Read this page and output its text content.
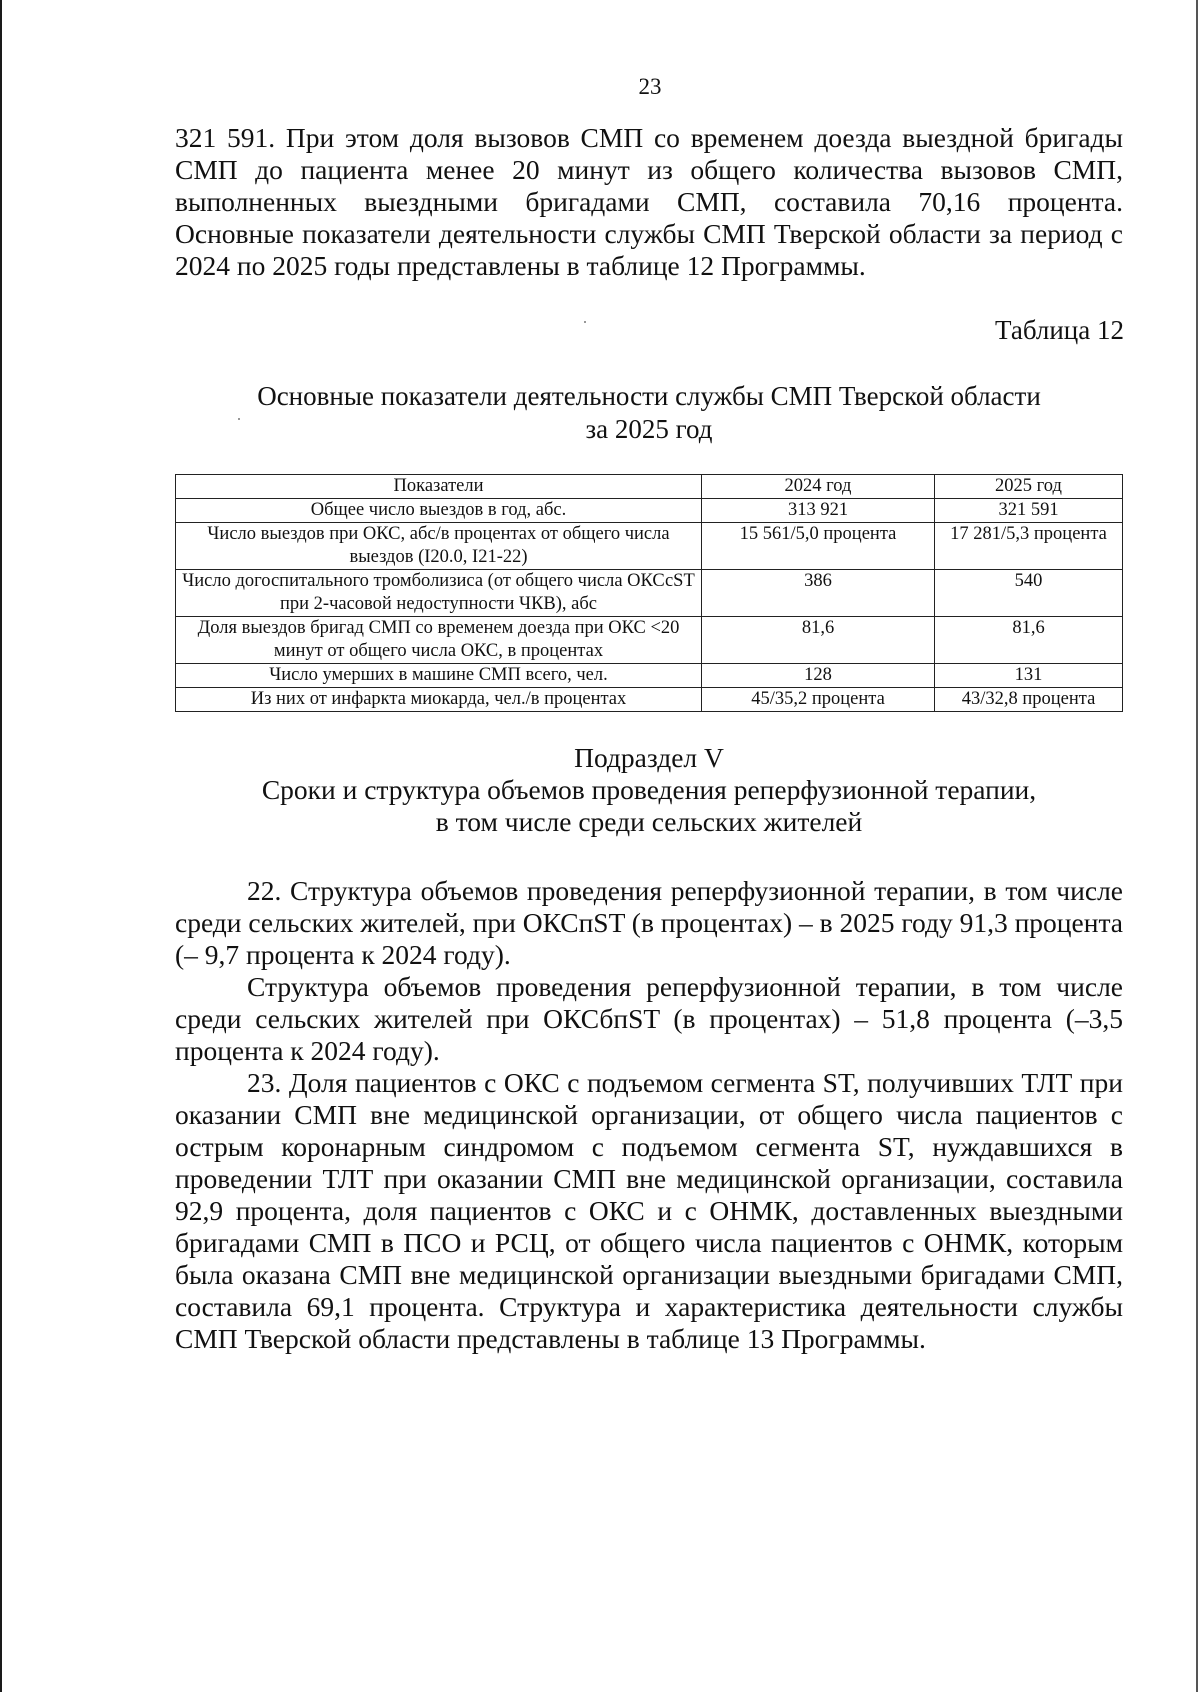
23

321 591. При этом доля вызовов СМП со временем доезда выездной бригады СМП до пациента менее 20 минут из общего количества вызовов СМП, выполненных выездными бригадами СМП, составила 70,16 процента. Основные показатели деятельности службы СМП Тверской области за период с 2024 по 2025 годы представлены в таблице 12 Программы.

Таблица 12
Основные показатели деятельности службы СМП Тверской области
за 2025 год
Показатели	2024 год	2025 год
Общее число выездов в год, абс.	313 921	321 591
Число выездов при ОКС, абс/в процентах от общего числа выездов (I20.0, I21-22)	15 561/5,0 процента	17 281/5,3 процента
Число догоспитального тромболизиса (от общего числа ОКСсST при 2-часовой недоступности ЧКВ), абс	386	540
Доля выездов бригад СМП со временем доезда при ОКС <20 минут от общего числа ОКС, в процентах	81,6	81,6
Число умерших в машине СМП всего, чел.	128	131
Из них от инфаркта миокарда, чел./в процентах	45/35,2 процента	43/32,8 процента
Подраздел V
Сроки и структура объемов проведения реперфузионной терапии,
в том числе среди сельских жителей

22. Структура объемов проведения реперфузионной терапии, в том числе среди сельских жителей, при ОКСпST (в процентах) – в 2025 году 91,3 процента (– 9,7 процента к 2024 году).

Структура объемов проведения реперфузионной терапии, в том числе среди сельских жителей при ОКСбпST (в процентах) – 51,8 процента (–3,5 процента к 2024 году).

23. Доля пациентов с ОКС с подъемом сегмента ST, получивших ТЛТ при оказании СМП вне медицинской организации, от общего числа пациентов с острым коронарным синдромом с подъемом сегмента ST, нуждавшихся в проведении ТЛТ при оказании СМП вне медицинской организации, составила 92,9 процента, доля пациентов с ОКС и с ОНМК, доставленных выездными бригадами СМП в ПСО и РСЦ, от общего числа пациентов с ОНМК, которым была оказана СМП вне медицинской организации выездными бригадами СМП, составила 69,1 процента. Структура и характеристика деятельности службы СМП Тверской области представлены в таблице 13 Программы.
